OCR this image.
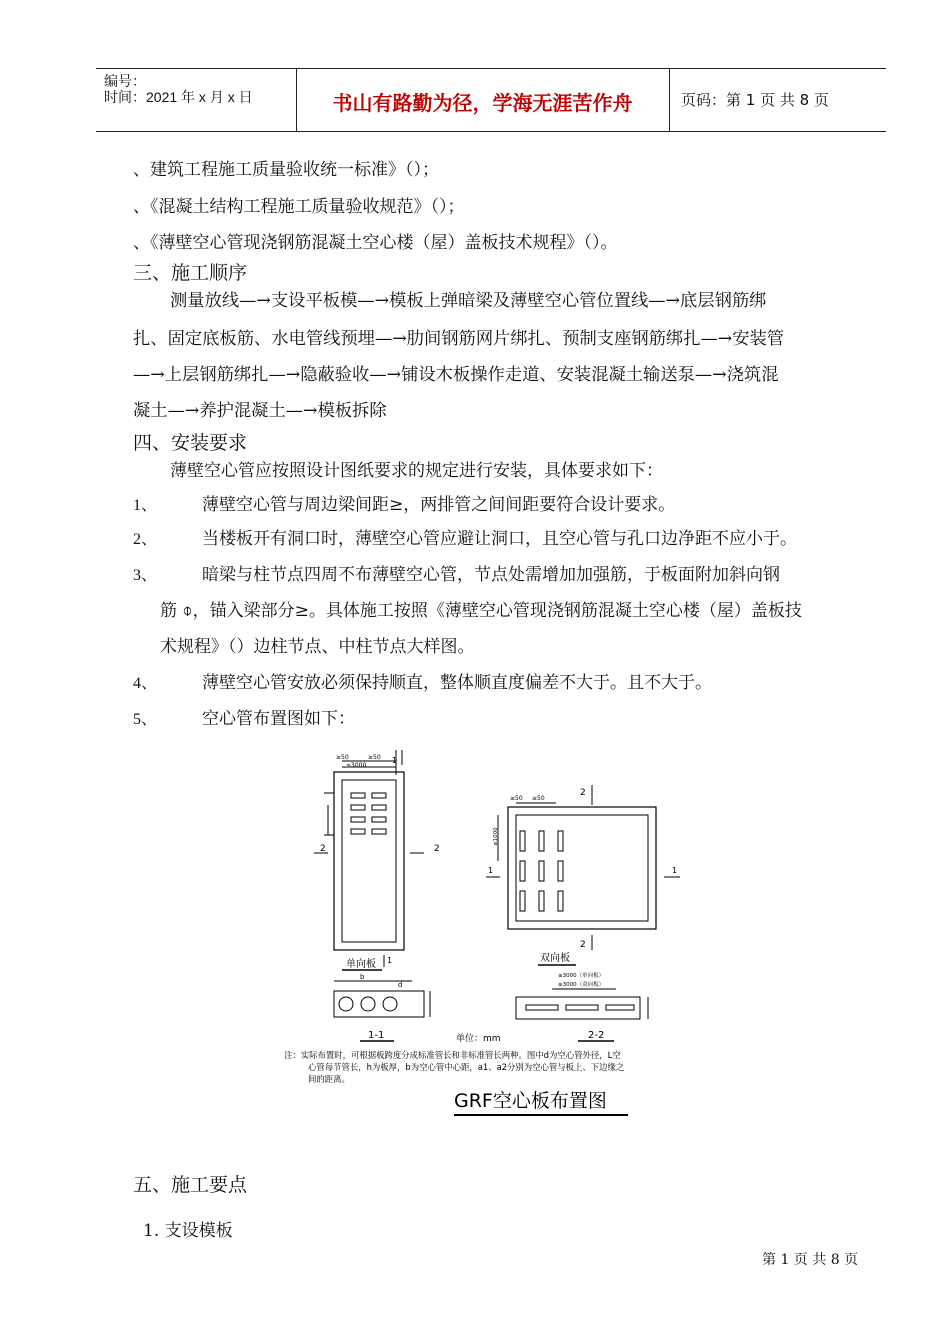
编号：
时间：2021 年 x 月 x 日	书山有路勤为径，学海无涯苦作舟	页码：第 1 页 共 8 页
、建筑工程施工质量验收统一标准》（）；
、《混凝土结构工程施工质量验收规范》（）；
、《薄壁空心管现浇钢筋混凝土空心楼（屋）盖板技术规程》（）。
三、施工顺序
测量放线—→支设平板模—→模板上弹暗梁及薄壁空心管位置线—→底层钢筋绑
扎、固定底板筋、水电管线预埋—→肋间钢筋网片绑扎、预制支座钢筋绑扎—→安装管
—→上层钢筋绑扎—→隐蔽验收—→铺设木板操作走道、安装混凝土输送泵—→浇筑混
凝土—→养护混凝土—→模板拆除
四、安装要求
薄壁空心管应按照设计图纸要求的规定进行安装，具体要求如下：
1、	薄壁空心管与周边梁间距≥，两排管之间间距要符合设计要求。
2、	当楼板开有洞口时，薄壁空心管应避让洞口，且空心管与孔口边净距不应小于。
3、	暗梁与柱节点四周不布薄壁空心管，节点处需增加加强筋，于板面附加斜向钢
筋 ⌽，锚入梁部分≥。具体施工按照《薄壁空心管现浇钢筋混凝土空心楼（屋）盖板技
术规程》（）边柱节点、中柱节点大样图。
4、	薄壁空心管安放必须保持顺直，整体顺直度偏差不大于。且不大于。
5、	空心管布置图如下：
≥50	≥50
≤3000
1
1
2	2
单向板
≥50 ≥50
≤1000
2
2
1	1
双向板
b
d
1-1
≤3000（单向板）
≤3000（双向板）
2-2
单位：mm
注：实际布置时，可根据板跨度分成标准管长和非标准管长两种。图中d为空心管外径，L空
心管每节管长，h为板厚，b为空心管中心距，a1、a2分别为空心管与板上、下边缘之
间的距离。
GRF空心板布置图
五、施工要点
1. 支设模板
第 1 页 共 8 页
